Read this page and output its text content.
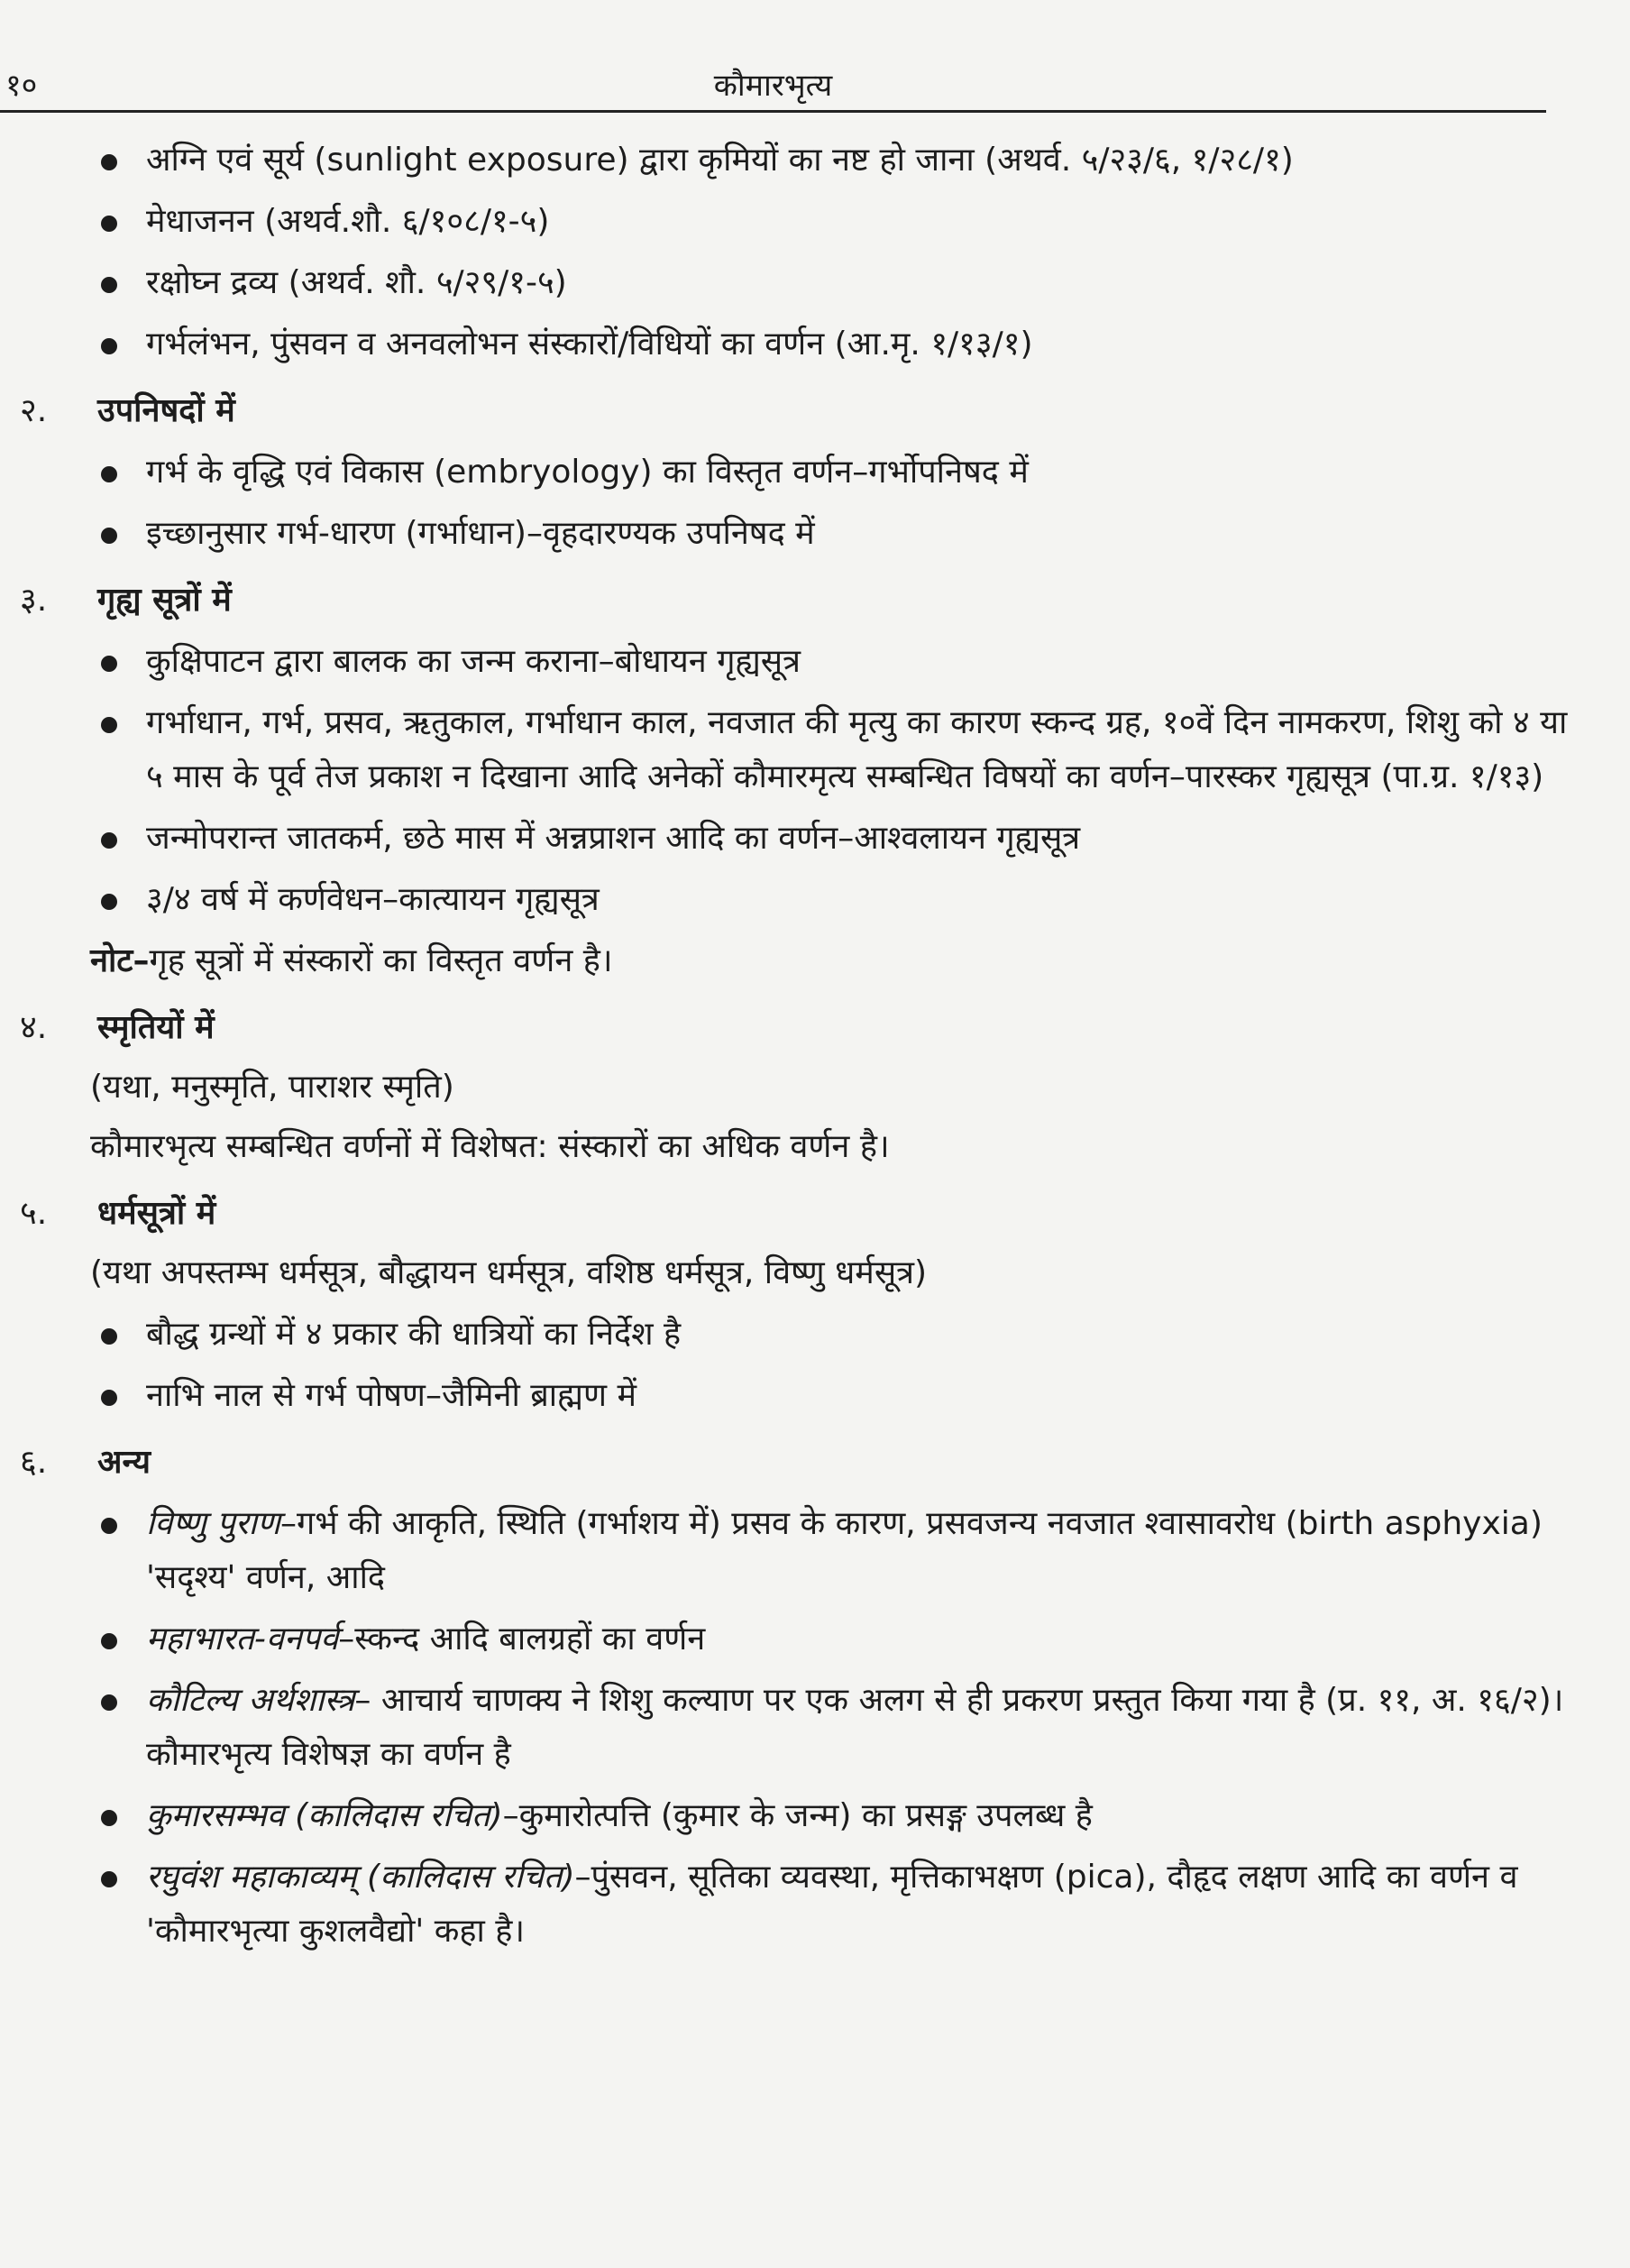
१०	कौमारभृत्य
अग्नि एवं सूर्य (sunlight exposure) द्वारा कृमियों का नष्ट हो जाना (अथर्व. ५/२३/६, १/२८/१)
मेधाजनन (अथर्व.शौ. ६/१०८/१-५)
रक्षोघ्न द्रव्य (अथर्व. शौ. ५/२९/१-५)
गर्भलंभन, पुंसवन व अनवलोभन संस्कारों/विधियों का वर्णन (आ.मृ. १/१३/१)
२. उपनिषदों में
गर्भ के वृद्धि एवं विकास (embryology) का विस्तृत वर्णन–गर्भोपनिषद में
इच्छानुसार गर्भ-धारण (गर्भाधान)–वृहदारण्यक उपनिषद में
३. गृह्य सूत्रों में
कुक्षिपाटन द्वारा बालक का जन्म कराना–बोधायन गृह्यसूत्र
गर्भाधान, गर्भ, प्रसव, ऋतुकाल, गर्भाधान काल, नवजात की मृत्यु का कारण स्कन्द ग्रह, १०वें दिन नामकरण, शिशु को ४ या ५ मास के पूर्व तेज प्रकाश न दिखाना आदि अनेकों कौमारमृत्य सम्बन्धित विषयों का वर्णन–पारस्कर गृह्यसूत्र (पा.ग्र. १/१३)
जन्मोपरान्त जातकर्म, छठे मास में अन्नप्राशन आदि का वर्णन–आश्वलायन गृह्यसूत्र
३/४ वर्ष में कर्णवेधन–कात्यायन गृह्यसूत्र
नोट–गृह सूत्रों में संस्कारों का विस्तृत वर्णन है।
४. स्मृतियों में
(यथा, मनुस्मृति, पाराशर स्मृति)
कौमारभृत्य सम्बन्धित वर्णनों में विशेषत: संस्कारों का अधिक वर्णन है।
५. धर्मसूत्रों में
(यथा अपस्तम्भ धर्मसूत्र, बौद्धायन धर्मसूत्र, वशिष्ठ धर्मसूत्र, विष्णु धर्मसूत्र)
बौद्ध ग्रन्थों में ४ प्रकार की धात्रियों का निर्देश है
नाभि नाल से गर्भ पोषण–जैमिनी ब्राह्मण में
६. अन्य
विष्णु पुराण–गर्भ की आकृति, स्थिति (गर्भाशय में) प्रसव के कारण, प्रसवजन्य नवजात श्वासावरोध (birth asphyxia) 'सदृश्य' वर्णन, आदि
महाभारत-वनपर्व–स्कन्द आदि बालग्रहों का वर्णन
कौटिल्य अर्थशास्त्र– आचार्य चाणक्य ने शिशु कल्याण पर एक अलग से ही प्रकरण प्रस्तुत किया गया है (प्र. ११, अ. १६/२)। कौमारभृत्य विशेषज्ञ का वर्णन है
कुमारसम्भव (कालिदास रचित)–कुमारोत्पत्ति (कुमार के जन्म) का प्रसङ्ग उपलब्ध है
रघुवंश महाकाव्यम् (कालिदास रचित)–पुंसवन, सूतिका व्यवस्था, मृत्तिकाभक्षण (pica), दौहृद लक्षण आदि का वर्णन व 'कौमारभृत्या कुशलवैद्यो' कहा है।
